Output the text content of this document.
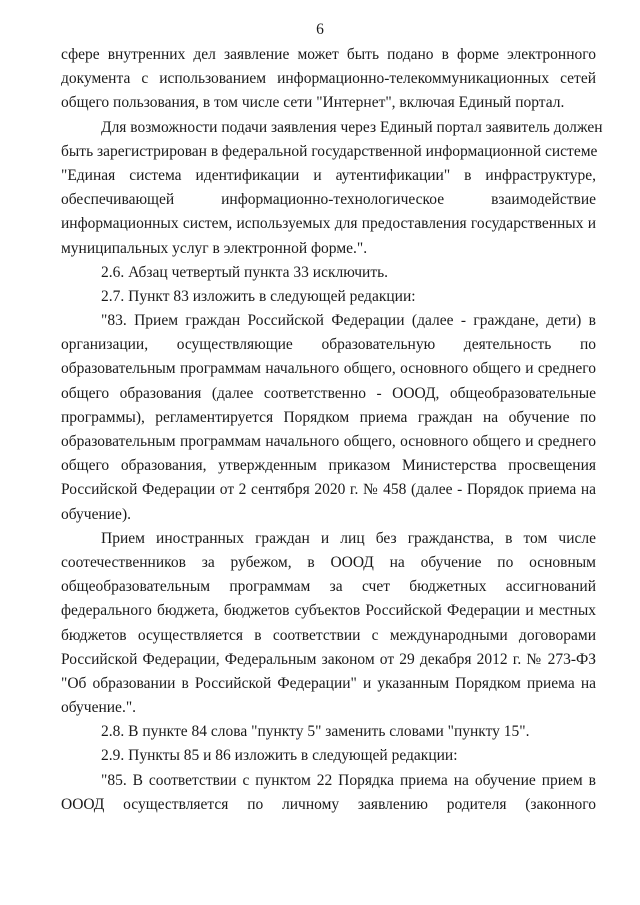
6
сфере внутренних дел заявление может быть подано в форме электронного
документа с использованием информационно-телекоммуникационных сетей
общего пользования, в том числе сети "Интернет", включая Единый портал.
Для возможности подачи заявления через Единый портал заявитель должен
быть зарегистрирован в федеральной государственной информационной системе
"Единая система идентификации и аутентификации" в инфраструктуре,
обеспечивающей информационно-технологическое взаимодействие
информационных систем, используемых для предоставления государственных и
муниципальных услуг в электронной форме.".
2.6. Абзац четвертый пункта 33 исключить.
2.7. Пункт 83 изложить в следующей редакции:
"83. Прием граждан Российской Федерации (далее - граждане, дети) в
организации, осуществляющие образовательную деятельность по
образовательным программам начального общего, основного общего и среднего
общего образования (далее соответственно - ОООД, общеобразовательные
программы), регламентируется Порядком приема граждан на обучение по
образовательным программам начального общего, основного общего и среднего
общего образования, утвержденным приказом Министерства просвещения
Российской Федерации от 2 сентября 2020 г. № 458 (далее - Порядок приема на
обучение).
Прием иностранных граждан и лиц без гражданства, в том числе
соотечественников за рубежом, в ОООД на обучение по основным
общеобразовательным программам за счет бюджетных ассигнований
федерального бюджета, бюджетов субъектов Российской Федерации и местных
бюджетов осуществляется в соответствии с международными договорами
Российской Федерации, Федеральным законом от 29 декабря 2012 г. № 273-ФЗ
"Об образовании в Российской Федерации" и указанным Порядком приема на
обучение.".
2.8. В пункте 84 слова "пункту 5" заменить словами "пункту 15".
2.9. Пункты 85 и 86 изложить в следующей редакции:
"85. В соответствии с пунктом 22 Порядка приема на обучение прием в
ОООД осуществляется по личному заявлению родителя (законного
